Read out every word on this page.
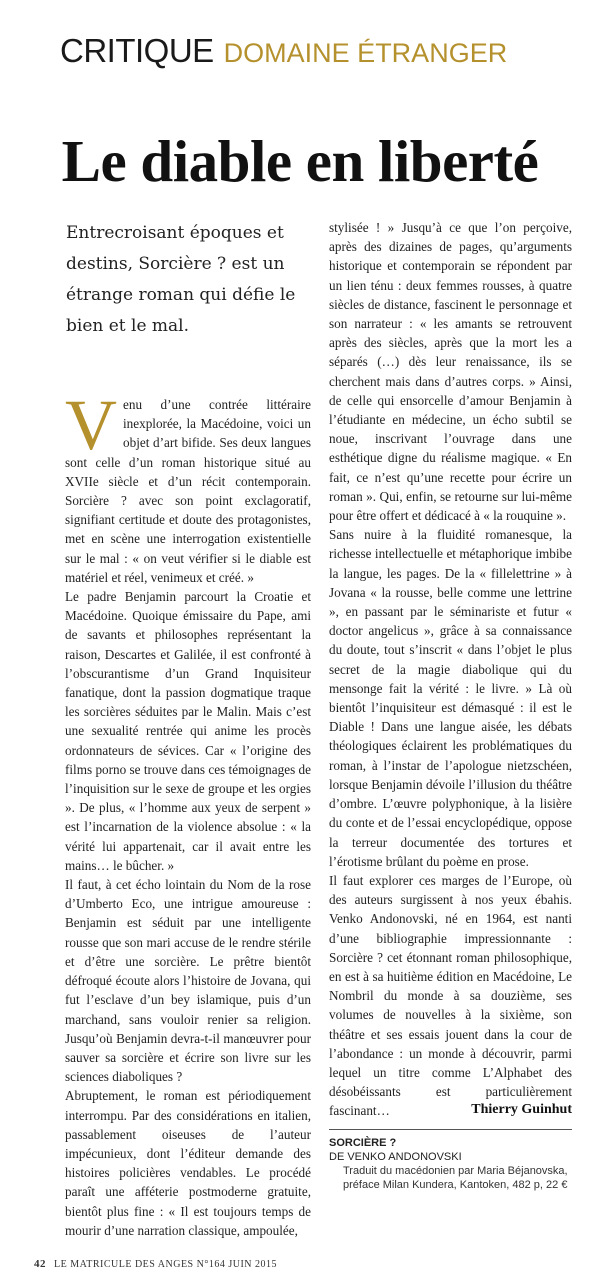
CRITIQUE DOMAINE ÉTRANGER
Le diable en liberté
Entrecroisant époques et destins, Sorcière ? est un étrange roman qui défie le bien et le mal.
V enu d’une contrée littéraire inexplorée, la Macédoine, voici un objet d’art bifide. Ses deux langues sont celle d’un roman historique situé au XVIIe siècle et d’un récit contemporain. Sorcière ? avec son point exclagoratif, signifiant certitude et doute des protagonistes, met en scène une interrogation existentielle sur le mal : « on veut vérifier si le diable est matériel et réel, venimeux et créé. »

Le padre Benjamin parcourt la Croatie et Macédoine. Quoique émissaire du Pape, ami de savants et philosophes représentant la raison, Descartes et Galilée, il est confronté à l’obscurantisme d’un Grand Inquisiteur fanatique, dont la passion dogmatique traque les sorcières séduites par le Malin. Mais c’est une sexualité rentrée qui anime les procès ordonnateurs de sévices. Car « l’origine des films porno se trouve dans ces témoignages de l’inquisition sur le sexe de groupe et les orgies ». De plus, « l’homme aux yeux de serpent » est l’incarnation de la violence absolue : « la vérité lui appartenait, car il avait entre les mains… le bûcher. »

Il faut, à cet écho lointain du Nom de la rose d’Umberto Eco, une intrigue amoureuse : Benjamin est séduit par une intelligente rousse que son mari accuse de le rendre stérile et d’être une sorcière. Le prêtre bientôt défroqué écoute alors l’histoire de Jovana, qui fut l’esclave d’un bey islamique, puis d’un marchand, sans vouloir renier sa religion. Jusqu’où Benjamin devra-t-il manœuvrer pour sauver sa sorcière et écrire son livre sur les sciences diaboliques ?

Abruptement, le roman est périodiquement interrompu. Par des considérations en italien, passablement oiseuses de l’auteur impécunieux, dont l’éditeur demande des histoires policières vendables. Le procédé paraît une afféterie postmoderne gratuite, bientôt plus fine : « Il est toujours temps de mourir d’une narration classique, ampoulée,

stylisée ! » Jusqu’à ce que l’on perçoive, après des dizaines de pages, qu’arguments historique et contemporain se répondent par un lien ténu : deux femmes rousses, à quatre siècles de distance, fascinent le personnage et son narrateur : « les amants se retrouvent après des siècles, après que la mort les a séparés (…) dès leur renaissance, ils se cherchent mais dans d’autres corps. » Ainsi, de celle qui ensorcelle d’amour Benjamin à l’étudiante en médecine, un écho subtil se noue, inscrivant l’ouvrage dans une esthétique digne du réalisme magique. « En fait, ce n’est qu’une recette pour écrire un roman ». Qui, enfin, se retourne sur lui-même pour être offert et dédicacé à « la rouquine ».

Sans nuire à la fluidité romanesque, la richesse intellectuelle et métaphorique imbibe la langue, les pages. De la « fillelettrine » à Jovana « la rousse, belle comme une lettrine », en passant par le séminariste et futur « doctor angelicus », grâce à sa connaissance du doute, tout s’inscrit « dans l’objet le plus secret de la magie diabolique qui du mensonge fait la vérité : le livre. » Là où bientôt l’inquisiteur est démasqué : il est le Diable ! Dans une langue aisée, les débats théologiques éclairent les problématiques du roman, à l’instar de l’apologue nietzschéen, lorsque Benjamin dévoile l’illusion du théâtre d’ombre. L’œuvre polyphonique, à la lisière du conte et de l’essai encyclopédique, oppose la terreur documentée des tortures et l’érotisme brûlant du poème en prose.

Il faut explorer ces marges de l’Europe, où des auteurs surgissent à nos yeux ébahis. Venko Andonovski, né en 1964, est nanti d’une bibliographie impressionnante : Sorcière ? cet étonnant roman philosophique, en est à sa huitième édition en Macédoine, Le Nombril du monde à sa douzième, ses volumes de nouvelles à la sixième, son théâtre et ses essais jouent dans la cour de l’abondance : un monde à découvrir, parmi lequel un titre comme L’Alphabet des désobéissants est particulièrement fascinant…	Thierry Guinhut
SORCIÈRE ?
DE VENKO ANDONOVSKI
Traduit du macédonien par Maria Béjanovska,
préface Milan Kundera, Kantoken, 482 p, 22 €
42 LE MATRICULE DES ANGES N°164 JUIN 2015
